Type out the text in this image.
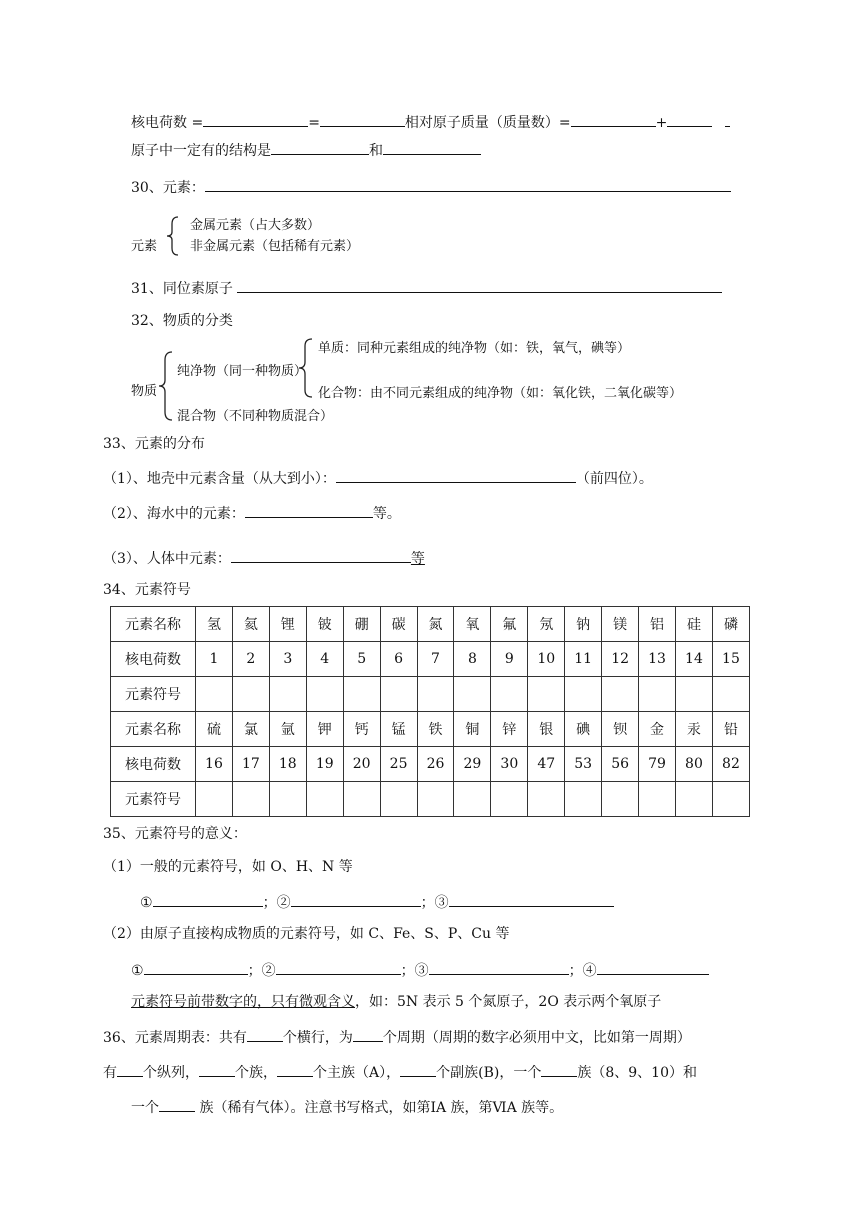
核电荷数 =	=	相对原子质量（质量数）=	+
原子中一定有的结构是	和
30、元素：
元素
金属元素（占大多数）
非金属元素（包括稀有元素）
31、同位素原子
32、物质的分类
物质
纯净物（同一种物质）
混合物（不同种物质混合）
单质：同种元素组成的纯净物（如：铁，氧气，碘等）
化合物：由不同元素组成的纯净物（如：氧化铁，二氧化碳等）
33、元素的分布
（1）、地壳中元素含量（从大到小）：	（前四位）。
（2）、海水中的元素：	等。
（3）、人体中元素：	等
34、元素符号
元素名称	氢	氦	锂	铍	硼	碳	氮	氧	氟	氖	钠	镁	铝	硅	磷
核电荷数	1	2	3	4	5	6	7	8	9	10	11	12	13	14	15
元素符号															
元素名称	硫	氯	氩	钾	钙	锰	铁	铜	锌	银	碘	钡	金	汞	铅
核电荷数	16	17	18	19	20	25	26	29	30	47	53	56	79	80	82
元素符号															
35、元素符号的意义：
（1）一般的元素符号，如 O、H、N 等
①	；②	；③
（2）由原子直接构成物质的元素符号，如 C、Fe、S、P、Cu 等
①	；②	；③	；④
元素符号前带数字的，只有微观含义，如：5N 表示 5 个氮原子，2O 表示两个氧原子
36、元素周期表：共有	个横行，为 个周期（周期的数字必须用中文，比如第一周期）
有 个纵列，	个族，	个主族（A），	个副族(B)，一个	族（8、9、10）和
一个	族（稀有气体）。注意书写格式，如第ⅠA 族，第ⅥA 族等。
